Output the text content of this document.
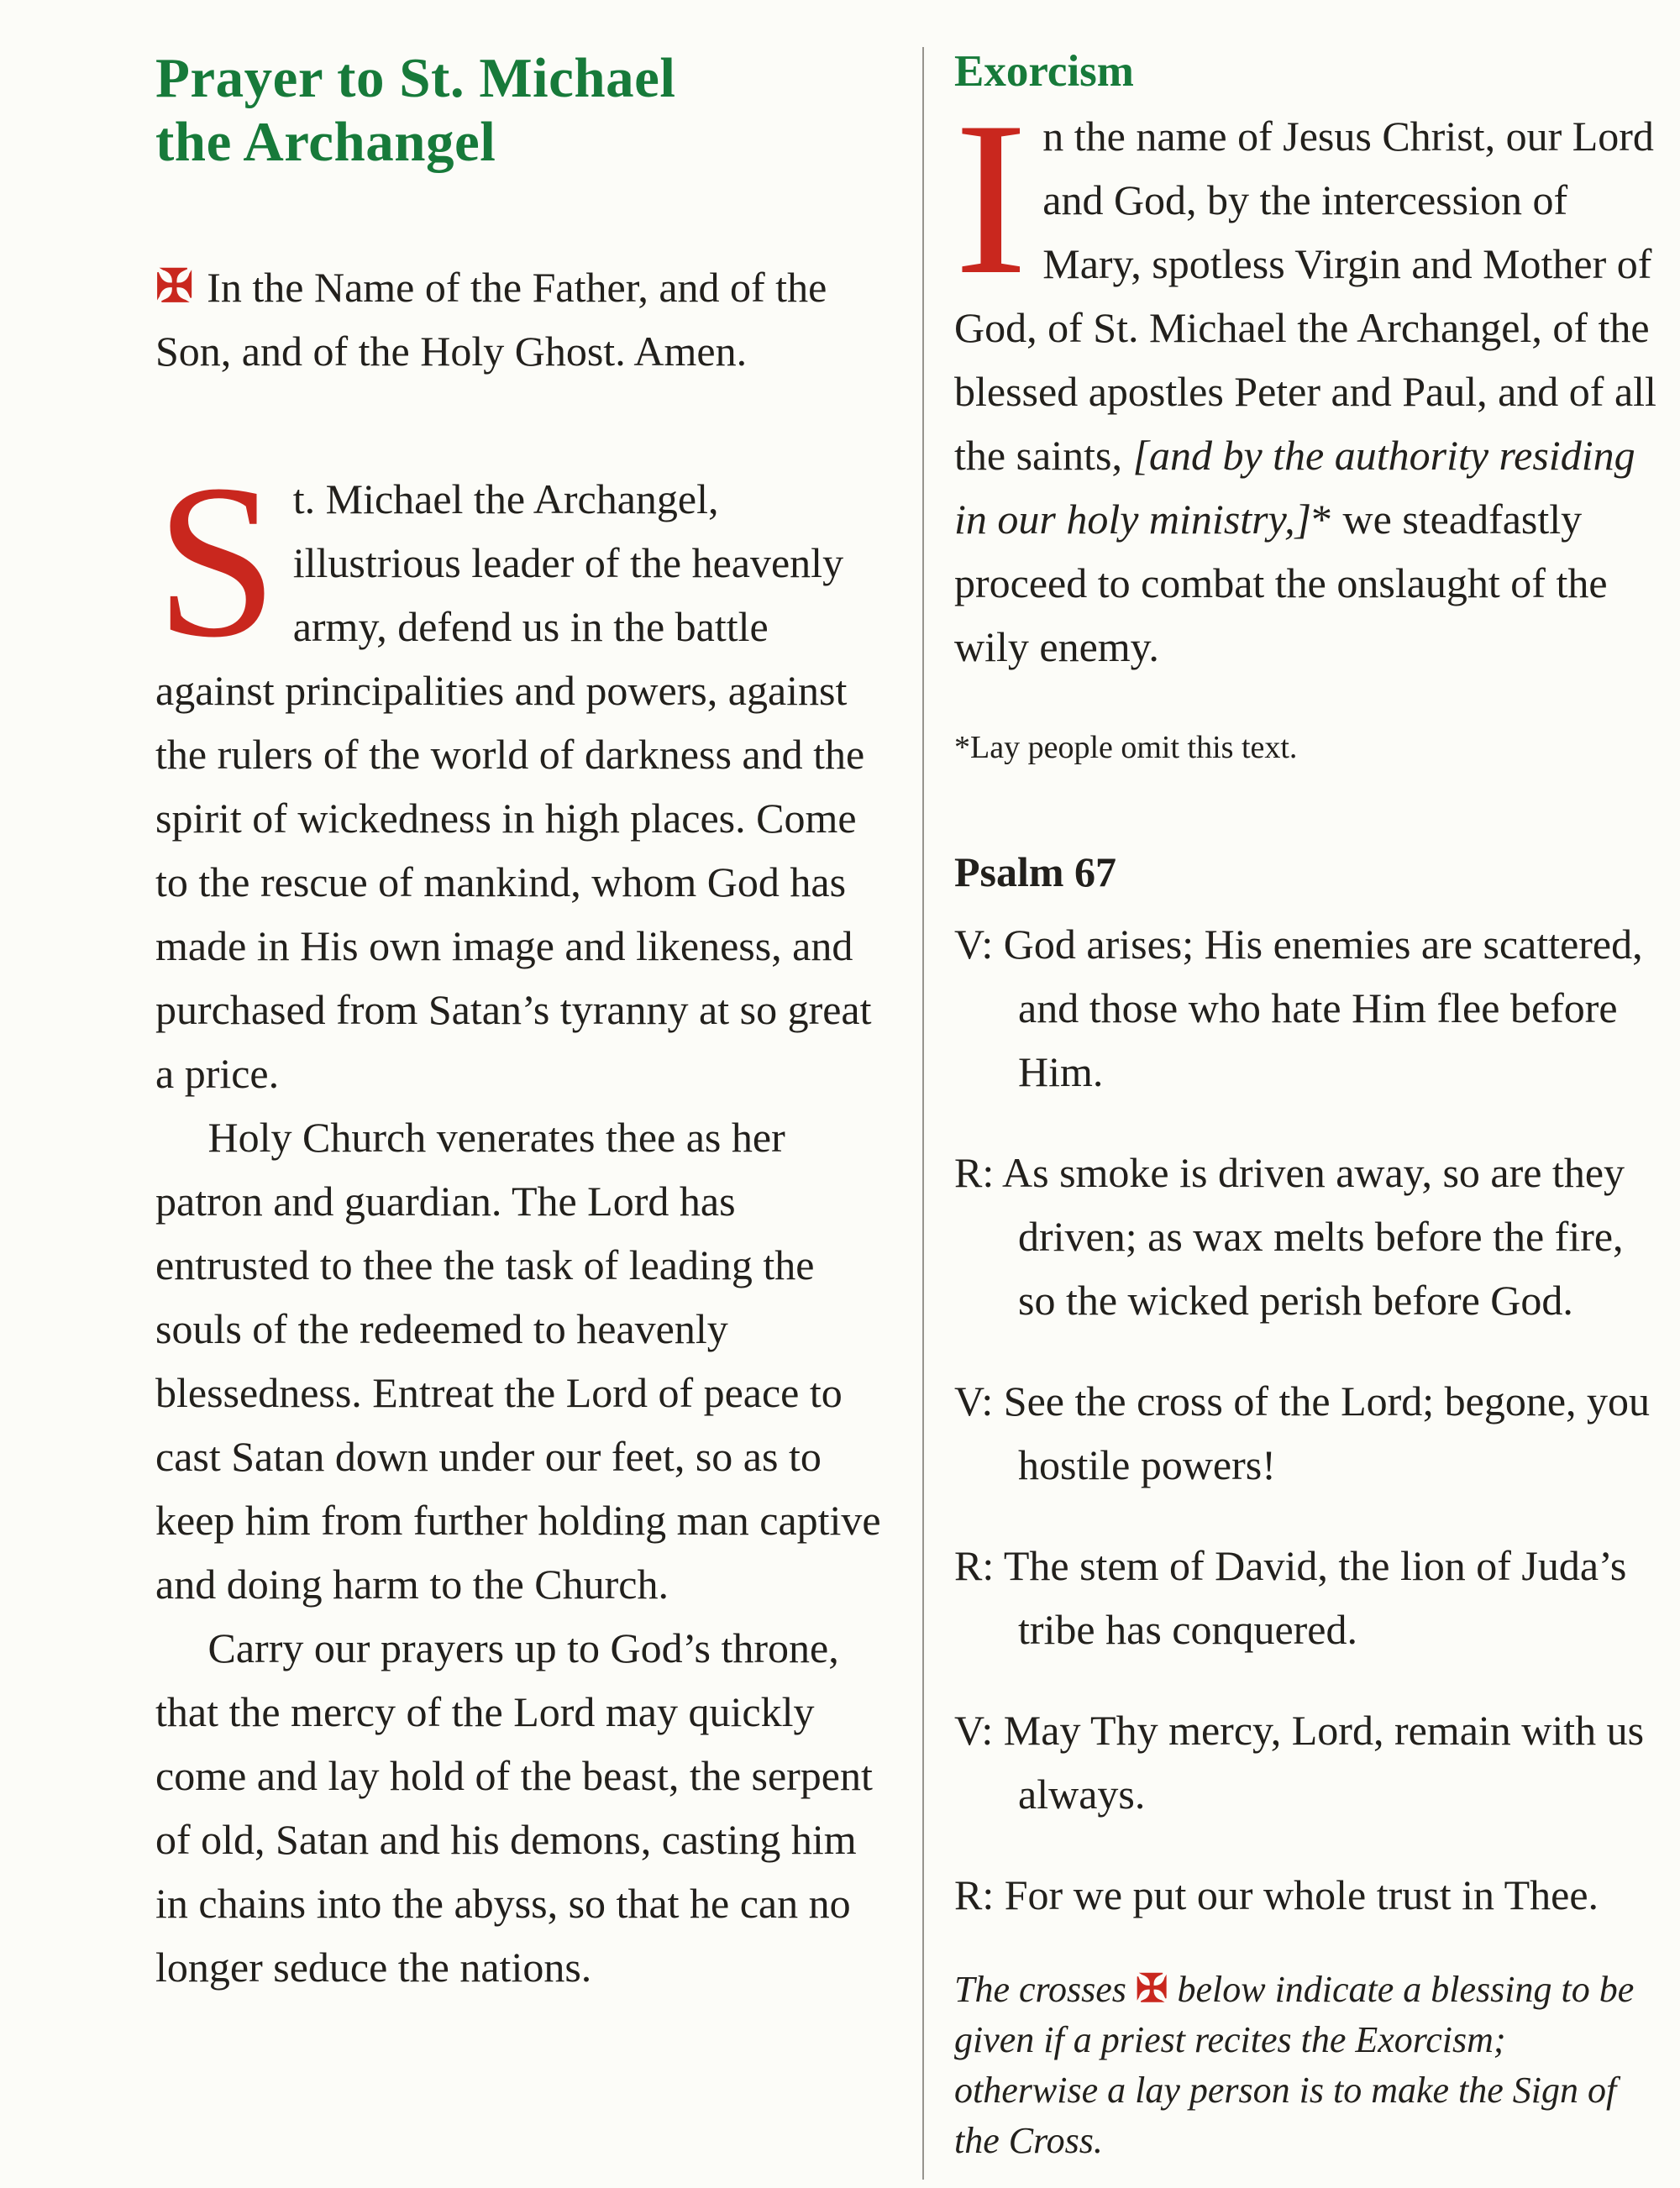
Prayer to St. Michael
the Archangel

✠ In the Name of the Father, and of the Son, and of the Holy Ghost. Amen.

St. Michael the Archangel, illustrious leader of the heavenly army, defend us in the battle against principalities and powers, against the rulers of the world of darkness and the spirit of wickedness in high places. Come to the rescue of mankind, whom God has made in His own image and likeness, and purchased from Satan’s tyranny at so great a price.

Holy Church venerates thee as her patron and guardian. The Lord has entrusted to thee the task of leading the souls of the redeemed to heavenly blessedness. Entreat the Lord of peace to cast Satan down under our feet, so as to keep him from further holding man captive and doing harm to the Church.

Carry our prayers up to God’s throne, that the mercy of the Lord may quickly come and lay hold of the beast, the serpent of old, Satan and his demons, casting him in chains into the abyss, so that he can no longer seduce the nations.

Exorcism

In the name of Jesus Christ, our Lord and God, by the intercession of Mary, spotless Virgin and Mother of God, of St. Michael the Archangel, of the blessed apostles Peter and Paul, and of all the saints, [and by the authority residing in our holy ministry,]* we steadfastly proceed to combat the onslaught of the wily enemy.

*Lay people omit this text.

Psalm 67

V: God arises; His enemies are scattered, and those who hate Him flee before Him.

R: As smoke is driven away, so are they driven; as wax melts before the fire, so the wicked perish before God.

V: See the cross of the Lord; begone, you hostile powers!

R: The stem of David, the lion of Juda’s tribe has conquered.

V: May Thy mercy, Lord, remain with us always.

R: For we put our whole trust in Thee.

The crosses ✠ below indicate a blessing to be given if a priest recites the Exorcism; otherwise a lay person is to make the Sign of the Cross.
